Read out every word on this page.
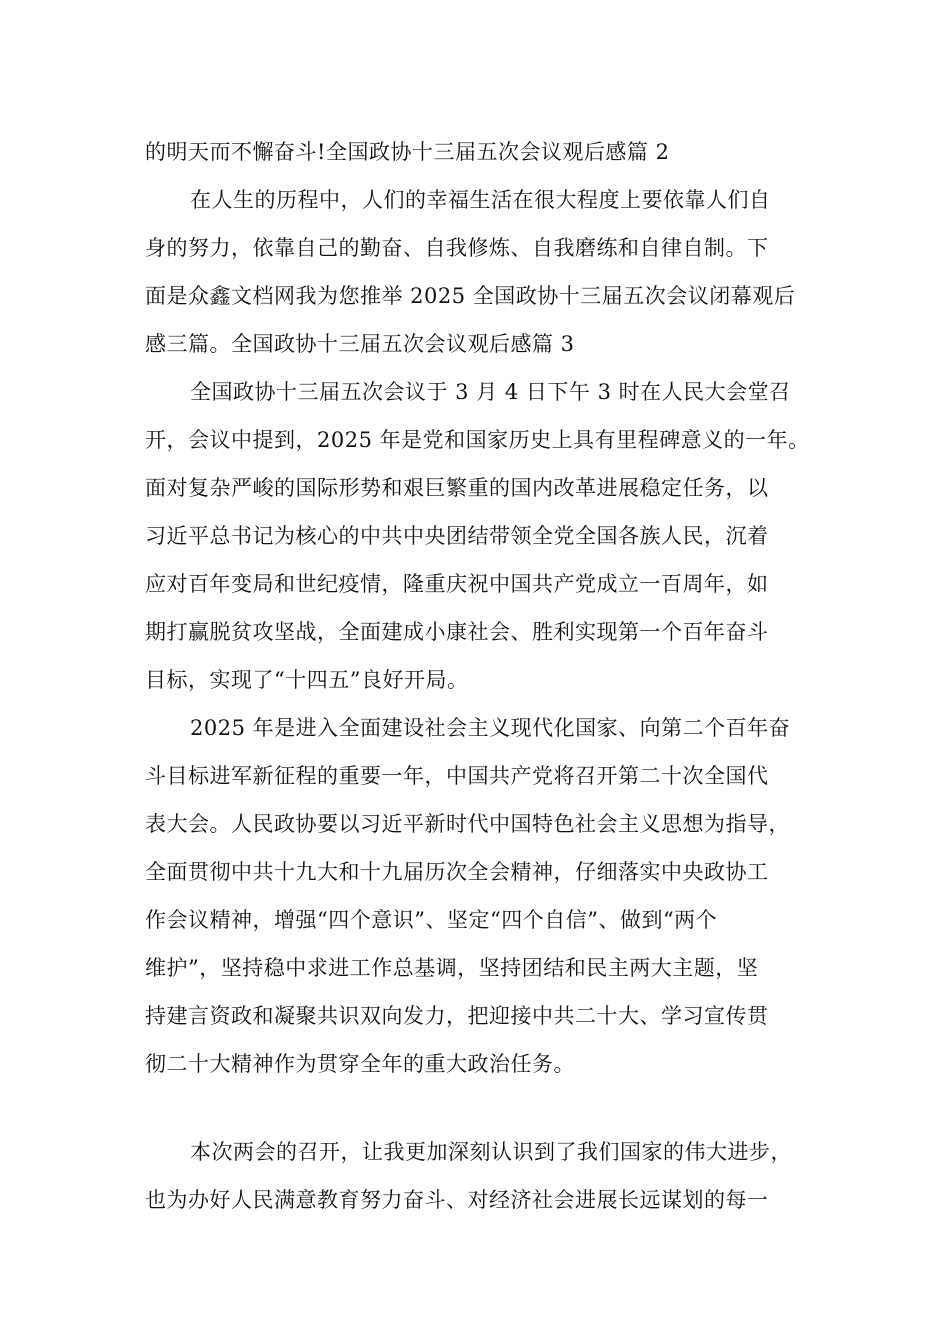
的明天而不懈奋斗!全国政协十三届五次会议观后感篇 2
在人生的历程中，人们的幸福生活在很大程度上要依靠人们自
身的努力，依靠自己的勤奋、自我修炼、自我磨练和自律自制。下
面是众鑫文档网我为您推举 2025 全国政协十三届五次会议闭幕观后
感三篇。全国政协十三届五次会议观后感篇 3
全国政协十三届五次会议于 3 月 4 日下午 3 时在人民大会堂召
开，会议中提到，2025 年是党和国家历史上具有里程碑意义的一年。
面对复杂严峻的国际形势和艰巨繁重的国内改革进展稳定任务，以
习近平总书记为核心的中共中央团结带领全党全国各族人民，沉着
应对百年变局和世纪疫情，隆重庆祝中国共产党成立一百周年，如
期打赢脱贫攻坚战，全面建成小康社会、胜利实现第一个百年奋斗
目标，实现了“十四五”良好开局。
2025 年是进入全面建设社会主义现代化国家、向第二个百年奋
斗目标进军新征程的重要一年，中国共产党将召开第二十次全国代
表大会。人民政协要以习近平新时代中国特色社会主义思想为指导，
全面贯彻中共十九大和十九届历次全会精神，仔细落实中央政协工
作会议精神，增强“四个意识”、坚定“四个自信”、做到“两个
维护”，坚持稳中求进工作总基调，坚持团结和民主两大主题，坚
持建言资政和凝聚共识双向发力，把迎接中共二十大、学习宣传贯
彻二十大精神作为贯穿全年的重大政治任务。
本次两会的召开，让我更加深刻认识到了我们国家的伟大进步，
也为办好人民满意教育努力奋斗、对经济社会进展长远谋划的每一
